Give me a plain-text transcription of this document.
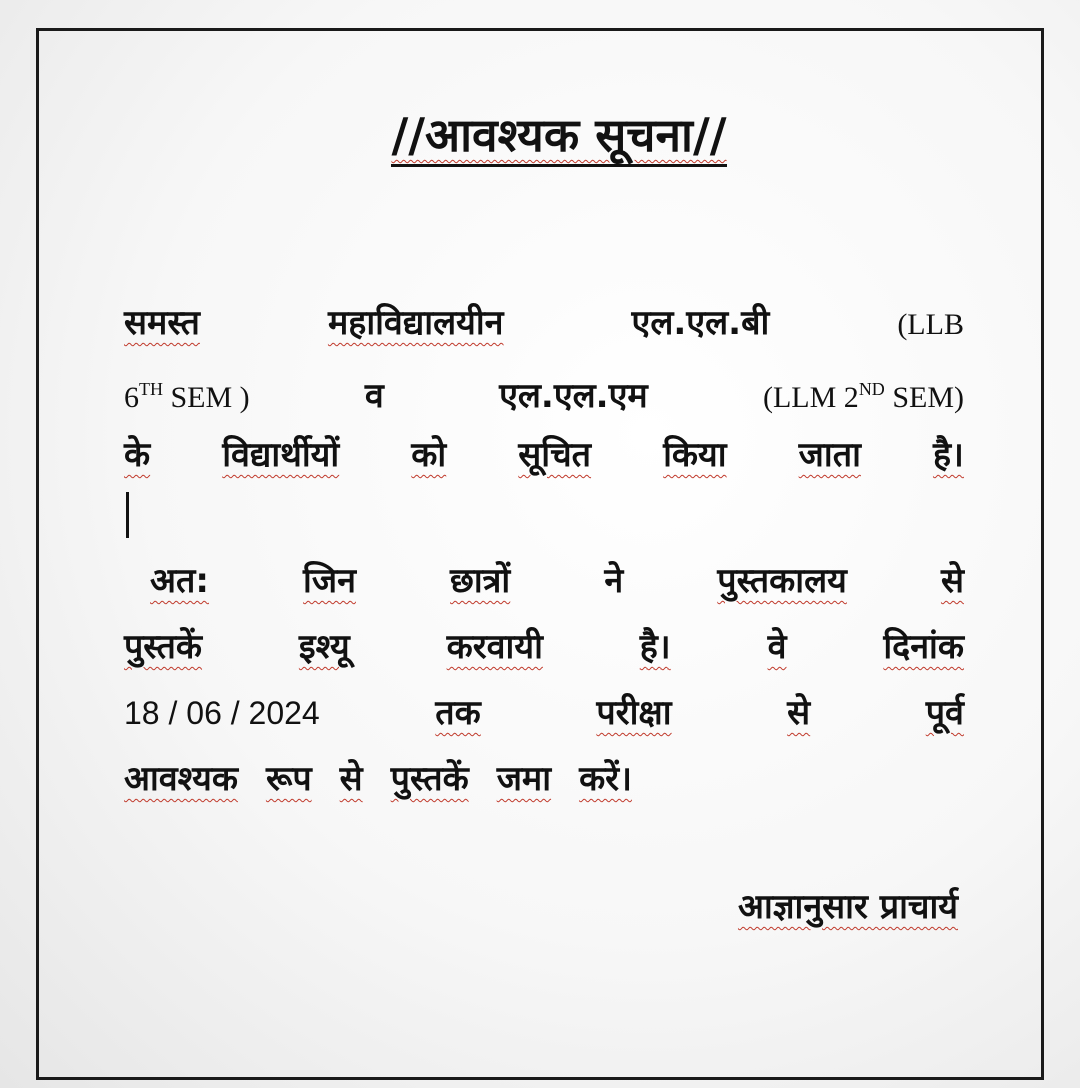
//आवश्यक सूचना//
समस्त	महाविद्यालयीन	एल.एल.बी	(LLB
6TH SEM )	व	एल.एल.एम	(LLM 2ND SEM)
के विद्यार्थीयों को सूचित किया जाता है।
अत:	जिन	छात्रों	ने	पुस्तकालय	से
पुस्तकें	इश्यू	करवायी	है।	वे	दिनांक
18 / 06 / 2024	तक	परीक्षा	से	पूर्व
आवश्यक रूप से पुस्तकें जमा करें।
आज्ञानुसार प्राचार्य
